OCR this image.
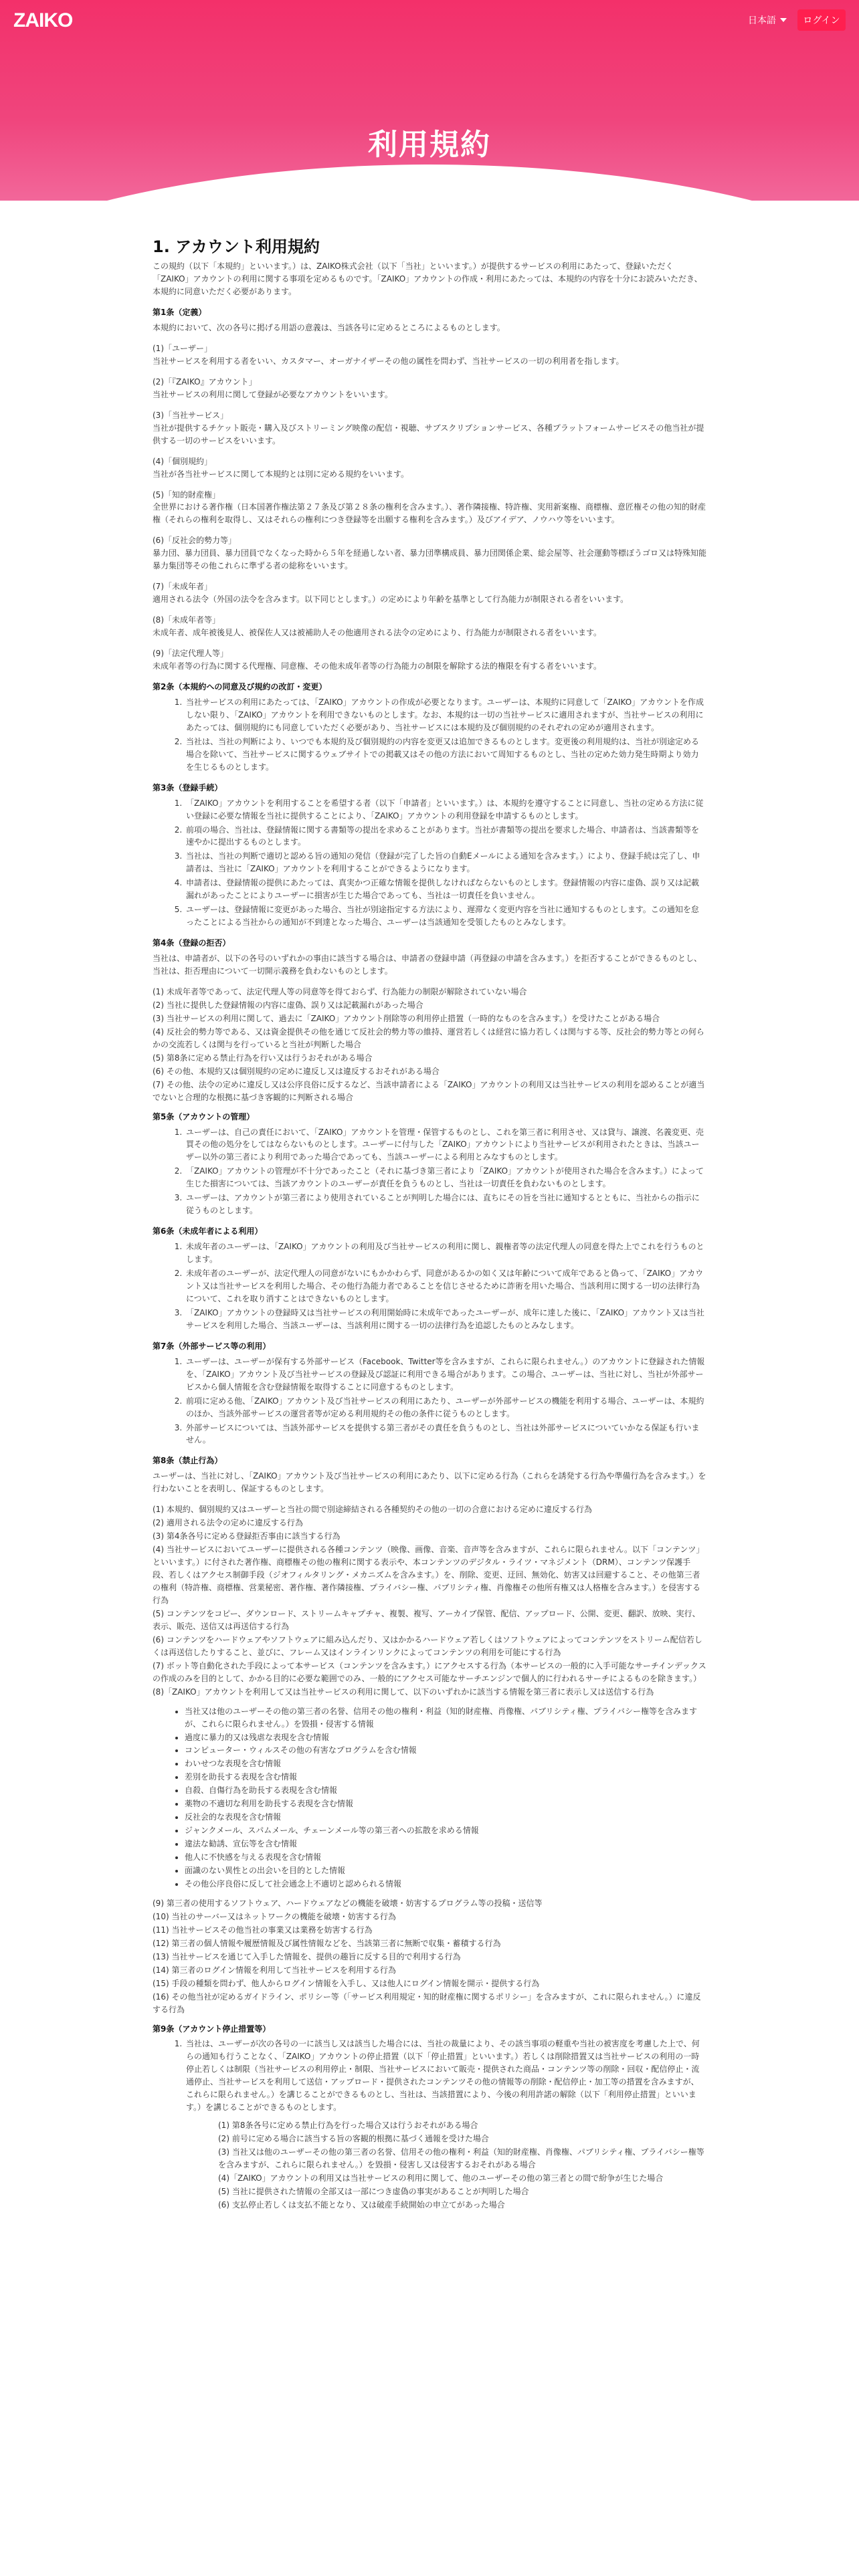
ZAIKO	日本語	ログイン
利用規約
1. アカウント利用規約

この規約（以下「本規約」といいます。）は、ZAIKO株式会社（以下「当社」といいます。）が提供するサービスの利用にあたって、登録いただく「ZAIKO」アカウントの利用に関する事項を定めるものです。「ZAIKO」アカウントの作成・利用にあたっては、本規約の内容を十分にお読みいただき、本規約に同意いただく必要があります。

第1条（定義）

本規約において、次の各号に掲げる用語の意義は、当該各号に定めるところによるものとします。

(1)「ユーザー」
当社サービスを利用する者をいい、カスタマー、オーガナイザーその他の属性を問わず、当社サービスの一切の利用者を指します。
(2)「『ZAIKO』アカウント」
当社サービスの利用に関して登録が必要なアカウントをいいます。
(3)「当社サービス」
当社が提供するチケット販売・購入及びストリーミング映像の配信・視聴、サブスクリプションサービス、各種プラットフォームサービスその他当社が提供する一切のサービスをいいます。
(4)「個別規約」
当社が各当社サービスに関して本規約とは別に定める規約をいいます。
(5)「知的財産権」
全世界における著作権（日本国著作権法第２７条及び第２８条の権利を含みます。）、著作隣接権、特許権、実用新案権、商標権、意匠権その他の知的財産権（それらの権利を取得し、又はそれらの権利につき登録等を出願する権利を含みます。）及びアイデア、ノウハウ等をいいます。
(6)「反社会的勢力等」
暴力団、暴力団員、暴力団員でなくなった時から５年を経過しない者、暴力団準構成員、暴力団関係企業、総会屋等、社会運動等標ぼうゴロ又は特殊知能暴力集団等その他これらに準ずる者の総称をいいます。
(7)「未成年者」
適用される法令（外国の法令を含みます。以下同じとします。）の定めにより年齢を基準として行為能力が制限される者をいいます。
(8)「未成年者等」
未成年者、成年被後見人、被保佐人又は被補助人その他適用される法令の定めにより、行為能力が制限される者をいいます。
(9)「法定代理人等」
未成年者等の行為に関する代理権、同意権、その他未成年者等の行為能力の制限を解除する法的権限を有する者をいいます。
第2条（本規約への同意及び規約の改訂・変更）
1. 当社サービスの利用にあたっては、「ZAIKO」アカウントの作成が必要となります。ユーザーは、本規約に同意して「ZAIKO」アカウントを作成しない限り、「ZAIKO」アカウントを利用できないものとします。なお、本規約は一切の当社サービスに適用されますが、当社サービスの利用にあたっては、個別規約にも同意していただく必要があり、当社サービスには本規約及び個別規約のそれぞれの定めが適用されます。
2. 当社は、当社の判断により、いつでも本規約及び個別規約の内容を変更又は追加できるものとします。変更後の利用規約は、当社が別途定める場合を除いて、当社サービスに関するウェブサイトでの掲載又はその他の方法において周知するものとし、当社の定めた効力発生時期より効力を生じるものとします。
第3条（登録手続）
1. 「ZAIKO」アカウントを利用することを希望する者（以下「申請者」といいます。）は、本規約を遵守することに同意し、当社の定める方法に従い登録に必要な情報を当社に提供することにより、「ZAIKO」アカウントの利用登録を申請するものとします。
2. 前項の場合、当社は、登録情報に関する書類等の提出を求めることがあります。当社が書類等の提出を要求した場合、申請者は、当該書類等を速やかに提出するものとします。
3. 当社は、当社の判断で適切と認める旨の通知の発信（登録が完了した旨の自動Eメールによる通知を含みます。）により、登録手続は完了し、申請者は、当社に「ZAIKO」アカウントを利用することができるようになります。
4. 申請者は、登録情報の提供にあたっては、真実かつ正確な情報を提供しなければならないものとします。登録情報の内容に虚偽、誤り又は記載漏れがあったことによりユーザーに損害が生じた場合であっても、当社は一切責任を負いません。
5. ユーザーは、登録情報に変更があった場合、当社が別途指定する方法により、遅滞なく変更内容を当社に通知するものとします。この通知を怠ったことによる当社からの通知が不到達となった場合、ユーザーは当該通知を受領したものとみなします。
第4条（登録の拒否）

当社は、申請者が、以下の各号のいずれかの事由に該当する場合は、申請者の登録申請（再登録の申請を含みます。）を拒否することができるものとし、当社は、拒否理由について一切開示義務を負わないものとします。

(1) 未成年者等であって、法定代理人等の同意等を得ておらず、行為能力の制限が解除されていない場合
(2) 当社に提供した登録情報の内容に虚偽、誤り又は記載漏れがあった場合
(3) 当社サービスの利用に関して、過去に「ZAIKO」アカウント削除等の利用停止措置（一時的なものを含みます。）を受けたことがある場合
(4) 反社会的勢力等である、又は資金提供その他を通じて反社会的勢力等の維持、運営若しくは経営に協力若しくは関与する等、反社会的勢力等との何らかの交流若しくは関与を行っていると当社が判断した場合
(5) 第8条に定める禁止行為を行い又は行うおそれがある場合
(6) その他、本規約又は個別規約の定めに違反し又は違反するおそれがある場合
(7) その他、法令の定めに違反し又は公序良俗に反するなど、当該申請者による「ZAIKO」アカウントの利用又は当社サービスの利用を認めることが適当でないと合理的な根拠に基づき客観的に判断される場合
第5条（アカウントの管理）
1. ユーザーは、自己の責任において、「ZAIKO」アカウントを管理・保管するものとし、これを第三者に利用させ、又は貸与、譲渡、名義変更、売買その他の処分をしてはならないものとします。ユーザーに付与した「ZAIKO」アカウントにより当社サービスが利用されたときは、当該ユーザー以外の第三者により利用であった場合であっても、当該ユーザーによる利用とみなすものとします。
2. 「ZAIKO」アカウントの管理が不十分であったこと（それに基づき第三者により「ZAIKO」アカウントが使用された場合を含みます。）によって生じた損害については、当該アカウントのユーザーが責任を負うものとし、当社は一切責任を負わないものとします。
3. ユーザーは、アカウントが第三者により使用されていることが判明した場合には、直ちにその旨を当社に通知するとともに、当社からの指示に従うものとします。
第6条（未成年者による利用）
1. 未成年者のユーザーは、「ZAIKO」アカウントの利用及び当社サービスの利用に関し、親権者等の法定代理人の同意を得た上でこれを行うものとします。
2. 未成年者のユーザーが、法定代理人の同意がないにもかかわらず、同意があるかの如く又は年齢について成年であると偽って、「ZAIKO」アカウント又は当社サービスを利用した場合、その他行為能力者であることを信じさせるために詐術を用いた場合、当該利用に関する一切の法律行為について、これを取り消すことはできないものとします。
3. 「ZAIKO」アカウントの登録時又は当社サービスの利用開始時に未成年であったユーザーが、成年に達した後に、「ZAIKO」アカウント又は当社サービスを利用した場合、当該ユーザーは、当該利用に関する一切の法律行為を追認したものとみなします。
第7条（外部サービス等の利用）
1. ユーザーは、ユーザーが保有する外部サービス（Facebook、Twitter等を含みますが、これらに限られません。）のアカウントに登録された情報を、「ZAIKO」アカウント及び当社サービスの登録及び認証に利用できる場合があります。この場合、ユーザーは、当社に対し、当社が外部サービスから個人情報を含む登録情報を取得することに同意するものとします。
2. 前項に定める他、「ZAIKO」アカウント及び当社サービスの利用にあたり、ユーザーが外部サービスの機能を利用する場合、ユーザーは、本規約のほか、当該外部サービスの運営者等が定める利用規約その他の条件に従うものとします。
3. 外部サービスについては、当該外部サービスを提供する第三者がその責任を負うものとし、当社は外部サービスについていかなる保証も行いません。
第8条（禁止行為）

ユーザーは、当社に対し、「ZAIKO」アカウント及び当社サービスの利用にあたり、以下に定める行為（これらを誘発する行為や準備行為を含みます。）を行わないことを表明し、保証するものとします。

(1) 本規約、個別規約又はユーザーと当社の間で別途締結される各種契約その他の一切の合意における定めに違反する行為
(2) 適用される法令の定めに違反する行為
(3) 第4条各号に定める登録拒否事由に該当する行為
(4) 当社サービスにおいてユーザーに提供される各種コンテンツ（映像、画像、音楽、音声等を含みますが、これらに限られません。以下「コンテンツ」といいます。）に付された著作権、商標権その他の権利に関する表示や、本コンテンツのデジタル・ライツ・マネジメント（DRM）、コンテンツ保護手段、若しくはアクセス制御手段（ジオフィルタリング・メカニズムを含みます。）を、削除、変更、迂回、無効化、妨害又は回避すること、その他第三者の権利（特許権、商標権、営業秘密、著作権、著作隣接権、プライバシー権、パブリシティ権、肖像権その他所有権又は人格権を含みます。）を侵害する行為
(5) コンテンツをコピー、ダウンロード、ストリームキャプチャ、複製、複写、アーカイブ保管、配信、アップロード、公開、変更、翻訳、放映、実行、表示、販売、送信又は再送信する行為
(6) コンテンツをハードウェアやソフトウェアに組み込んだり、又はかかるハードウェア若しくはソフトウェアによってコンテンツをストリーム配信若しくは再送信したりすること、並びに、フレーム又はインラインリンクによってコンテンツの利用を可能にする行為
(7) ボット等自動化された手段によって本サービス（コンテンツを含みます。）にアクセスする行為（本サービスの一般的に入手可能なサーチインデックスの作成のみを目的として、かかる目的に必要な範囲でのみ、一般的にアクセス可能なサーチエンジンで個人的に行われるサーチによるものを除きます。）
(8)「ZAIKO」アカウントを利用して又は当社サービスの利用に関して、以下のいずれかに該当する情報を第三者に表示し又は送信する行為
• 当社又は他のユーザーその他の第三者の名誉、信用その他の権利・利益（知的財産権、肖像権、パブリシティ権、プライバシー権等を含みますが、これらに限られません。）を毀損・侵害する情報
• 過度に暴力的又は残虐な表現を含む情報
• コンピューター・ウィルスその他の有害なプログラムを含む情報
• わいせつな表現を含む情報
• 差別を助長する表現を含む情報
• 自殺、自傷行為を助長する表現を含む情報
• 薬物の不適切な利用を助長する表現を含む情報
• 反社会的な表現を含む情報
• ジャンクメール、スパムメール、チェーンメール等の第三者への拡散を求める情報
• 違法な勧誘、宣伝等を含む情報
• 他人に不快感を与える表現を含む情報
• 面識のない異性との出会いを目的とした情報
• その他公序良俗に反して社会通念上不適切と認められる情報
(9) 第三者の使用するソフトウェア、ハードウェアなどの機能を破壊・妨害するプログラム等の投稿・送信等
(10) 当社のサーバー又はネットワークの機能を破壊・妨害する行為
(11) 当社サービスその他当社の事業又は業務を妨害する行為
(12) 第三者の個人情報や履歴情報及び属性情報などを、当該第三者に無断で収集・蓄積する行為
(13) 当社サービスを通じて入手した情報を、提供の趣旨に反する目的で利用する行為
(14) 第三者のログイン情報を利用して当社サービスを利用する行為
(15) 手段の種類を問わず、他人からログイン情報を入手し、又は他人にログイン情報を開示・提供する行為
(16) その他当社が定めるガイドライン、ポリシー等（「サービス利用規定・知的財産権に関するポリシー」を含みますが、これに限られません。）に違反する行為
第9条（アカウント停止措置等）
1. 当社は、ユーザーが次の各号の一に該当し又は該当した場合には、当社の裁量により、その該当事項の軽重や当社の被害度を考慮した上で、何らの通知も行うことなく、「ZAIKO」アカウントの停止措置（以下「停止措置」といいます。）若しくは削除措置又は当社サービスの利用の一時停止若しくは制限（当社サービスの利用停止・制限、当社サービスにおいて販売・提供された商品・コンテンツ等の削除・回収・配信停止・流通停止、当社サービスを利用して送信・アップロード・提供されたコンテンツその他の情報等の削除・配信停止・加工等の措置を含みますが、これらに限られません。）を講じることができるものとし、当社は、当該措置により、今後の利用許諾の解除（以下「利用停止措置」といいます。）を講じることができるものとします。
(1) 第8条各号に定める禁止行為を行った場合又は行うおそれがある場合
(2) 前号に定める場合に該当する旨の客観的根拠に基づく通報を受けた場合
(3) 当社又は他のユーザーその他の第三者の名誉、信用その他の権利・利益（知的財産権、肖像権、パブリシティ権、プライバシー権等を含みますが、これらに限られません。）を毀損・侵害し又は侵害するおそれがある場合
(4)「ZAIKO」アカウントの利用又は当社サービスの利用に関して、他のユーザーその他の第三者との間で紛争が生じた場合
(5) 当社に提供された情報の全部又は一部につき虚偽の事実があることが判明した場合
(6) 支払停止若しくは支払不能となり、又は破産手続開始の申立てがあった場合
